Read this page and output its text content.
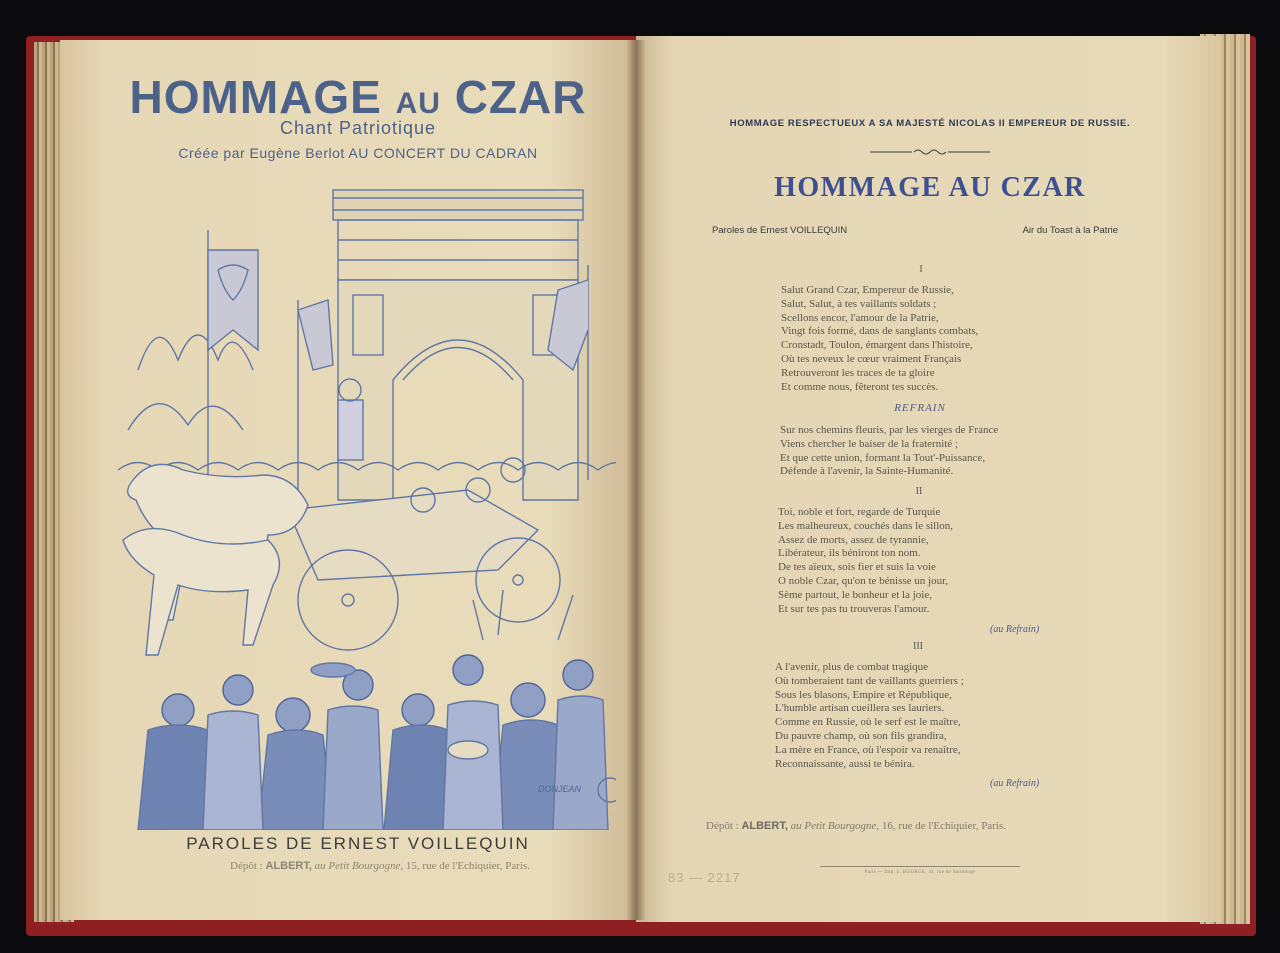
HOMMAGE AU CZAR
Chant Patriotique
Créée par Eugène Berlot AU CONCERT DU CADRAN
DONJEAN
PAROLES DE ERNEST VOILLEQUIN
Dépôt : ALBERT, au Petit Bourgogne, 15, rue de l'Echiquier, Paris.
HOMMAGE RESPECTUEUX A SA MAJESTÉ NICOLAS II EMPEREUR DE RUSSIE.
HOMMAGE AU CZAR
Paroles de Ernest VOILLEQUIN	Air du Toast à la Patrie
I
Salut Grand Czar, Empereur de Russie,
Salut, Salut, à tes vaillants soldats ;
Scellons encor, l'amour de la Patrie,
Vingt fois formé, dans de sanglants combats,
Cronstadt, Toulon, émargent dans l'histoire,
Où tes neveux le cœur vraiment Français
Retrouveront les traces de ta gloire
Et comme nous, fêteront tes succès.
REFRAIN
Sur nos chemins fleuris, par les vierges de France
Viens chercher le baiser de la fraternité ;
Et que cette union, formant la Tout'-Puissance,
Défende à l'avenir, la Sainte-Humanité.
II
Toi, noble et fort, regarde de Turquie
Les malheureux, couchés dans le sillon,
Assez de morts, assez de tyrannie,
Libérateur, ils béniront ton nom.
De tes aïeux, sois fier et suis la voie
O noble Czar, qu'on te bénisse un jour,
Sème partout, le bonheur et la joie,
Et sur tes pas tu trouveras l'amour.
(au Refrain)
III
A l'avenir, plus de combat tragique
Où tomberaient tant de vaillants guerriers ;
Sous les blasons, Empire et République,
L'humble artisan cueillera ses lauriers.
Comme en Russie, où le serf est le maître,
Du pauvre champ, où son fils grandira,
La mère en France, où l'espoir va renaître,
Reconnaissante, aussi te bénira.
(au Refrain)
Dépôt : ALBERT, au Petit Bourgogne, 16, rue de l'Echiquier, Paris.
Paris — Imp. L. BOURGE, 41, rue de Saintonge
83 — 2217
